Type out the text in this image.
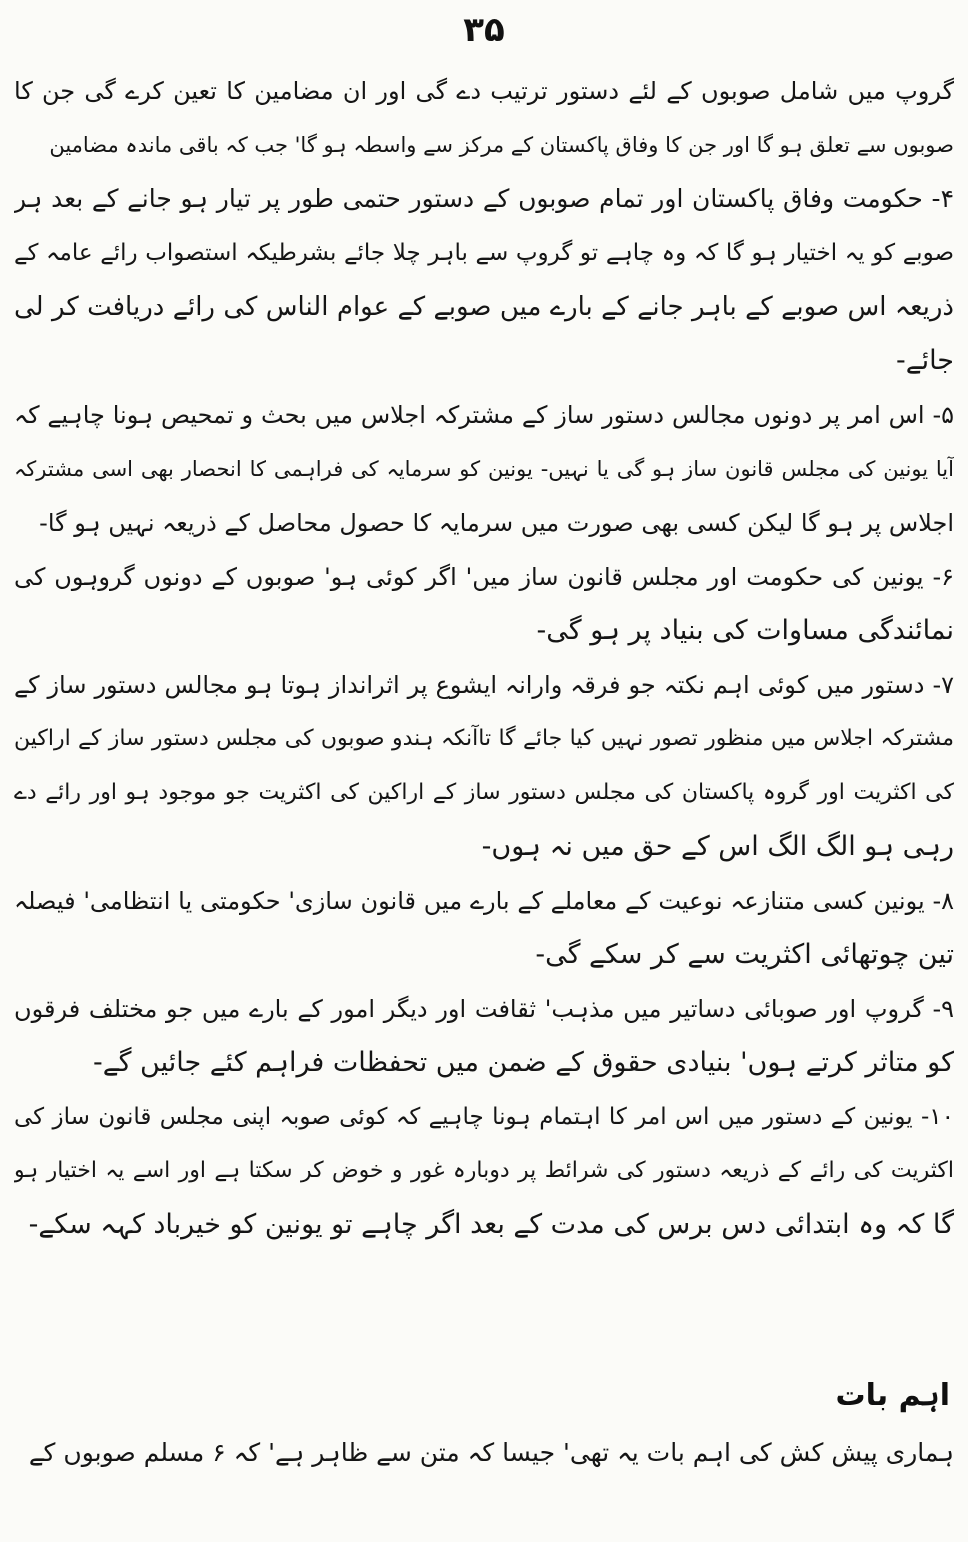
۳۵
گروپ میں شامل صوبوں کے لئے دستور ترتیب دے گی اور ان مضامین کا تعین کرے گی جن کا
صوبوں سے تعلق ہو گا اور جن کا وفاق پاکستان کے مرکز سے واسطہ ہو گا' جب کہ باقی ماندہ مضامین
۴- حکومت وفاق پاکستان اور تمام صوبوں کے دستور حتمی طور پر تیار ہو جانے کے بعد ہر
صوبے کو یہ اختیار ہو گا کہ وہ چاہے تو گروپ سے باہر چلا جائے بشرطیکہ استصواب رائے عامہ کے
ذریعہ اس صوبے کے باہر جانے کے بارے میں صوبے کے عوام الناس کی رائے دریافت کر لی
جائے-
۵- اس امر پر دونوں مجالس دستور ساز کے مشترکہ اجلاس میں بحث و تمحیص ہونا چاہیے کہ
آیا یونین کی مجلس قانون ساز ہو گی یا نہیں- یونین کو سرمایہ کی فراہمی کا انحصار بھی اسی مشترکہ
اجلاس پر ہو گا لیکن کسی بھی صورت میں سرمایہ کا حصول محاصل کے ذریعہ نہیں ہو گا-
۶- یونین کی حکومت اور مجلس قانون ساز میں' اگر کوئی ہو' صوبوں کے دونوں گروہوں کی
نمائندگی مساوات کی بنیاد پر ہو گی-
۷- دستور میں کوئی اہم نکتہ جو فرقہ وارانہ ایشوع پر اثرانداز ہوتا ہو مجالس دستور ساز کے
مشترکہ اجلاس میں منظور تصور نہیں کیا جائے گا تاآنکہ ہندو صوبوں کی مجلس دستور ساز کے اراکین
کی اکثریت اور گروہ پاکستان کی مجلس دستور ساز کے اراکین کی اکثریت جو موجود ہو اور رائے دے
رہی ہو الگ الگ اس کے حق میں نہ ہوں-
۸- یونین کسی متنازعہ نوعیت کے معاملے کے بارے میں قانون سازی' حکومتی یا انتظامی' فیصلہ
تین چوتھائی اکثریت سے کر سکے گی-
۹- گروپ اور صوبائی دساتیر میں مذہب' ثقافت اور دیگر امور کے بارے میں جو مختلف فرقوں
کو متاثر کرتے ہوں' بنیادی حقوق کے ضمن میں تحفظات فراہم کئے جائیں گے-
۱۰- یونین کے دستور میں اس امر کا اہتمام ہونا چاہیے کہ کوئی صوبہ اپنی مجلس قانون ساز کی
اکثریت کی رائے کے ذریعہ دستور کی شرائط پر دوبارہ غور و خوض کر سکتا ہے اور اسے یہ اختیار ہو
گا کہ وہ ابتدائی دس برس کی مدت کے بعد اگر چاہے تو یونین کو خیرباد کہہ سکے-
اہم بات
ہماری پیش کش کی اہم بات یہ تھی' جیسا کہ متن سے ظاہر ہے' کہ ۶ مسلم صوبوں کے
